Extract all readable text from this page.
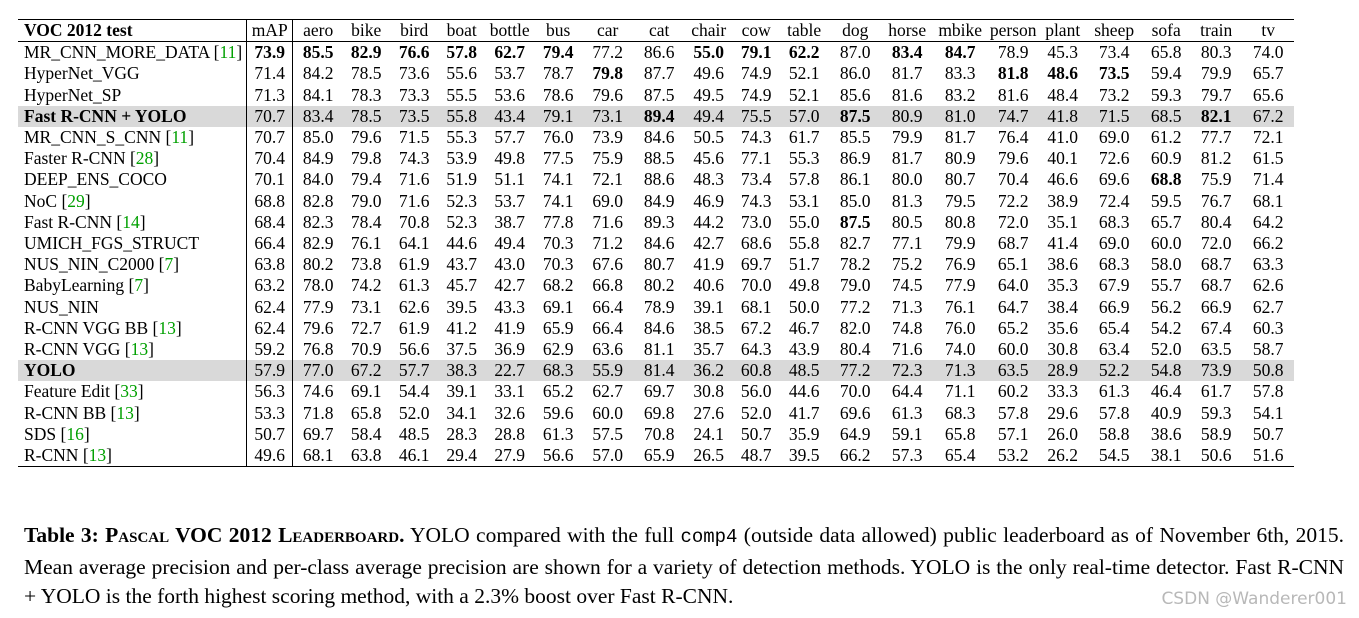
VOC 2012 test	mAP	aero	bike	bird	boat	bottle	bus	car	cat	chair	cow	table	dog	horse	mbike	person	plant	sheep	sofa	train	tv
MR_CNN_MORE_DATA [11]	73.9	85.5	82.9	76.6	57.8	62.7	79.4	77.2	86.6	55.0	79.1	62.2	87.0	83.4	84.7	78.9	45.3	73.4	65.8	80.3	74.0
HyperNet_VGG	71.4	84.2	78.5	73.6	55.6	53.7	78.7	79.8	87.7	49.6	74.9	52.1	86.0	81.7	83.3	81.8	48.6	73.5	59.4	79.9	65.7
HyperNet_SP	71.3	84.1	78.3	73.3	55.5	53.6	78.6	79.6	87.5	49.5	74.9	52.1	85.6	81.6	83.2	81.6	48.4	73.2	59.3	79.7	65.6
Fast R-CNN + YOLO	70.7	83.4	78.5	73.5	55.8	43.4	79.1	73.1	89.4	49.4	75.5	57.0	87.5	80.9	81.0	74.7	41.8	71.5	68.5	82.1	67.2
MR_CNN_S_CNN [11]	70.7	85.0	79.6	71.5	55.3	57.7	76.0	73.9	84.6	50.5	74.3	61.7	85.5	79.9	81.7	76.4	41.0	69.0	61.2	77.7	72.1
Faster R-CNN [28]	70.4	84.9	79.8	74.3	53.9	49.8	77.5	75.9	88.5	45.6	77.1	55.3	86.9	81.7	80.9	79.6	40.1	72.6	60.9	81.2	61.5
DEEP_ENS_COCO	70.1	84.0	79.4	71.6	51.9	51.1	74.1	72.1	88.6	48.3	73.4	57.8	86.1	80.0	80.7	70.4	46.6	69.6	68.8	75.9	71.4
NoC [29]	68.8	82.8	79.0	71.6	52.3	53.7	74.1	69.0	84.9	46.9	74.3	53.1	85.0	81.3	79.5	72.2	38.9	72.4	59.5	76.7	68.1
Fast R-CNN [14]	68.4	82.3	78.4	70.8	52.3	38.7	77.8	71.6	89.3	44.2	73.0	55.0	87.5	80.5	80.8	72.0	35.1	68.3	65.7	80.4	64.2
UMICH_FGS_STRUCT	66.4	82.9	76.1	64.1	44.6	49.4	70.3	71.2	84.6	42.7	68.6	55.8	82.7	77.1	79.9	68.7	41.4	69.0	60.0	72.0	66.2
NUS_NIN_C2000 [7]	63.8	80.2	73.8	61.9	43.7	43.0	70.3	67.6	80.7	41.9	69.7	51.7	78.2	75.2	76.9	65.1	38.6	68.3	58.0	68.7	63.3
BabyLearning [7]	63.2	78.0	74.2	61.3	45.7	42.7	68.2	66.8	80.2	40.6	70.0	49.8	79.0	74.5	77.9	64.0	35.3	67.9	55.7	68.7	62.6
NUS_NIN	62.4	77.9	73.1	62.6	39.5	43.3	69.1	66.4	78.9	39.1	68.1	50.0	77.2	71.3	76.1	64.7	38.4	66.9	56.2	66.9	62.7
R-CNN VGG BB [13]	62.4	79.6	72.7	61.9	41.2	41.9	65.9	66.4	84.6	38.5	67.2	46.7	82.0	74.8	76.0	65.2	35.6	65.4	54.2	67.4	60.3
R-CNN VGG [13]	59.2	76.8	70.9	56.6	37.5	36.9	62.9	63.6	81.1	35.7	64.3	43.9	80.4	71.6	74.0	60.0	30.8	63.4	52.0	63.5	58.7
YOLO	57.9	77.0	67.2	57.7	38.3	22.7	68.3	55.9	81.4	36.2	60.8	48.5	77.2	72.3	71.3	63.5	28.9	52.2	54.8	73.9	50.8
Feature Edit [33]	56.3	74.6	69.1	54.4	39.1	33.1	65.2	62.7	69.7	30.8	56.0	44.6	70.0	64.4	71.1	60.2	33.3	61.3	46.4	61.7	57.8
R-CNN BB [13]	53.3	71.8	65.8	52.0	34.1	32.6	59.6	60.0	69.8	27.6	52.0	41.7	69.6	61.3	68.3	57.8	29.6	57.8	40.9	59.3	54.1
SDS [16]	50.7	69.7	58.4	48.5	28.3	28.8	61.3	57.5	70.8	24.1	50.7	35.9	64.9	59.1	65.8	57.1	26.0	58.8	38.6	58.9	50.7
R-CNN [13]	49.6	68.1	63.8	46.1	29.4	27.9	56.6	57.0	65.9	26.5	48.7	39.5	66.2	57.3	65.4	53.2	26.2	54.5	38.1	50.6	51.6
Table 3: Pascal VOC 2012 Leaderboard. YOLO compared with the full comp4 (outside data allowed) public leaderboard as of November 6th, 2015. Mean average precision and per-class average precision are shown for a variety of detection methods. YOLO is the only real-time detector. Fast R-CNN + YOLO is the forth highest scoring method, with a 2.3% boost over Fast R-CNN.	CSDN @Wanderer001
